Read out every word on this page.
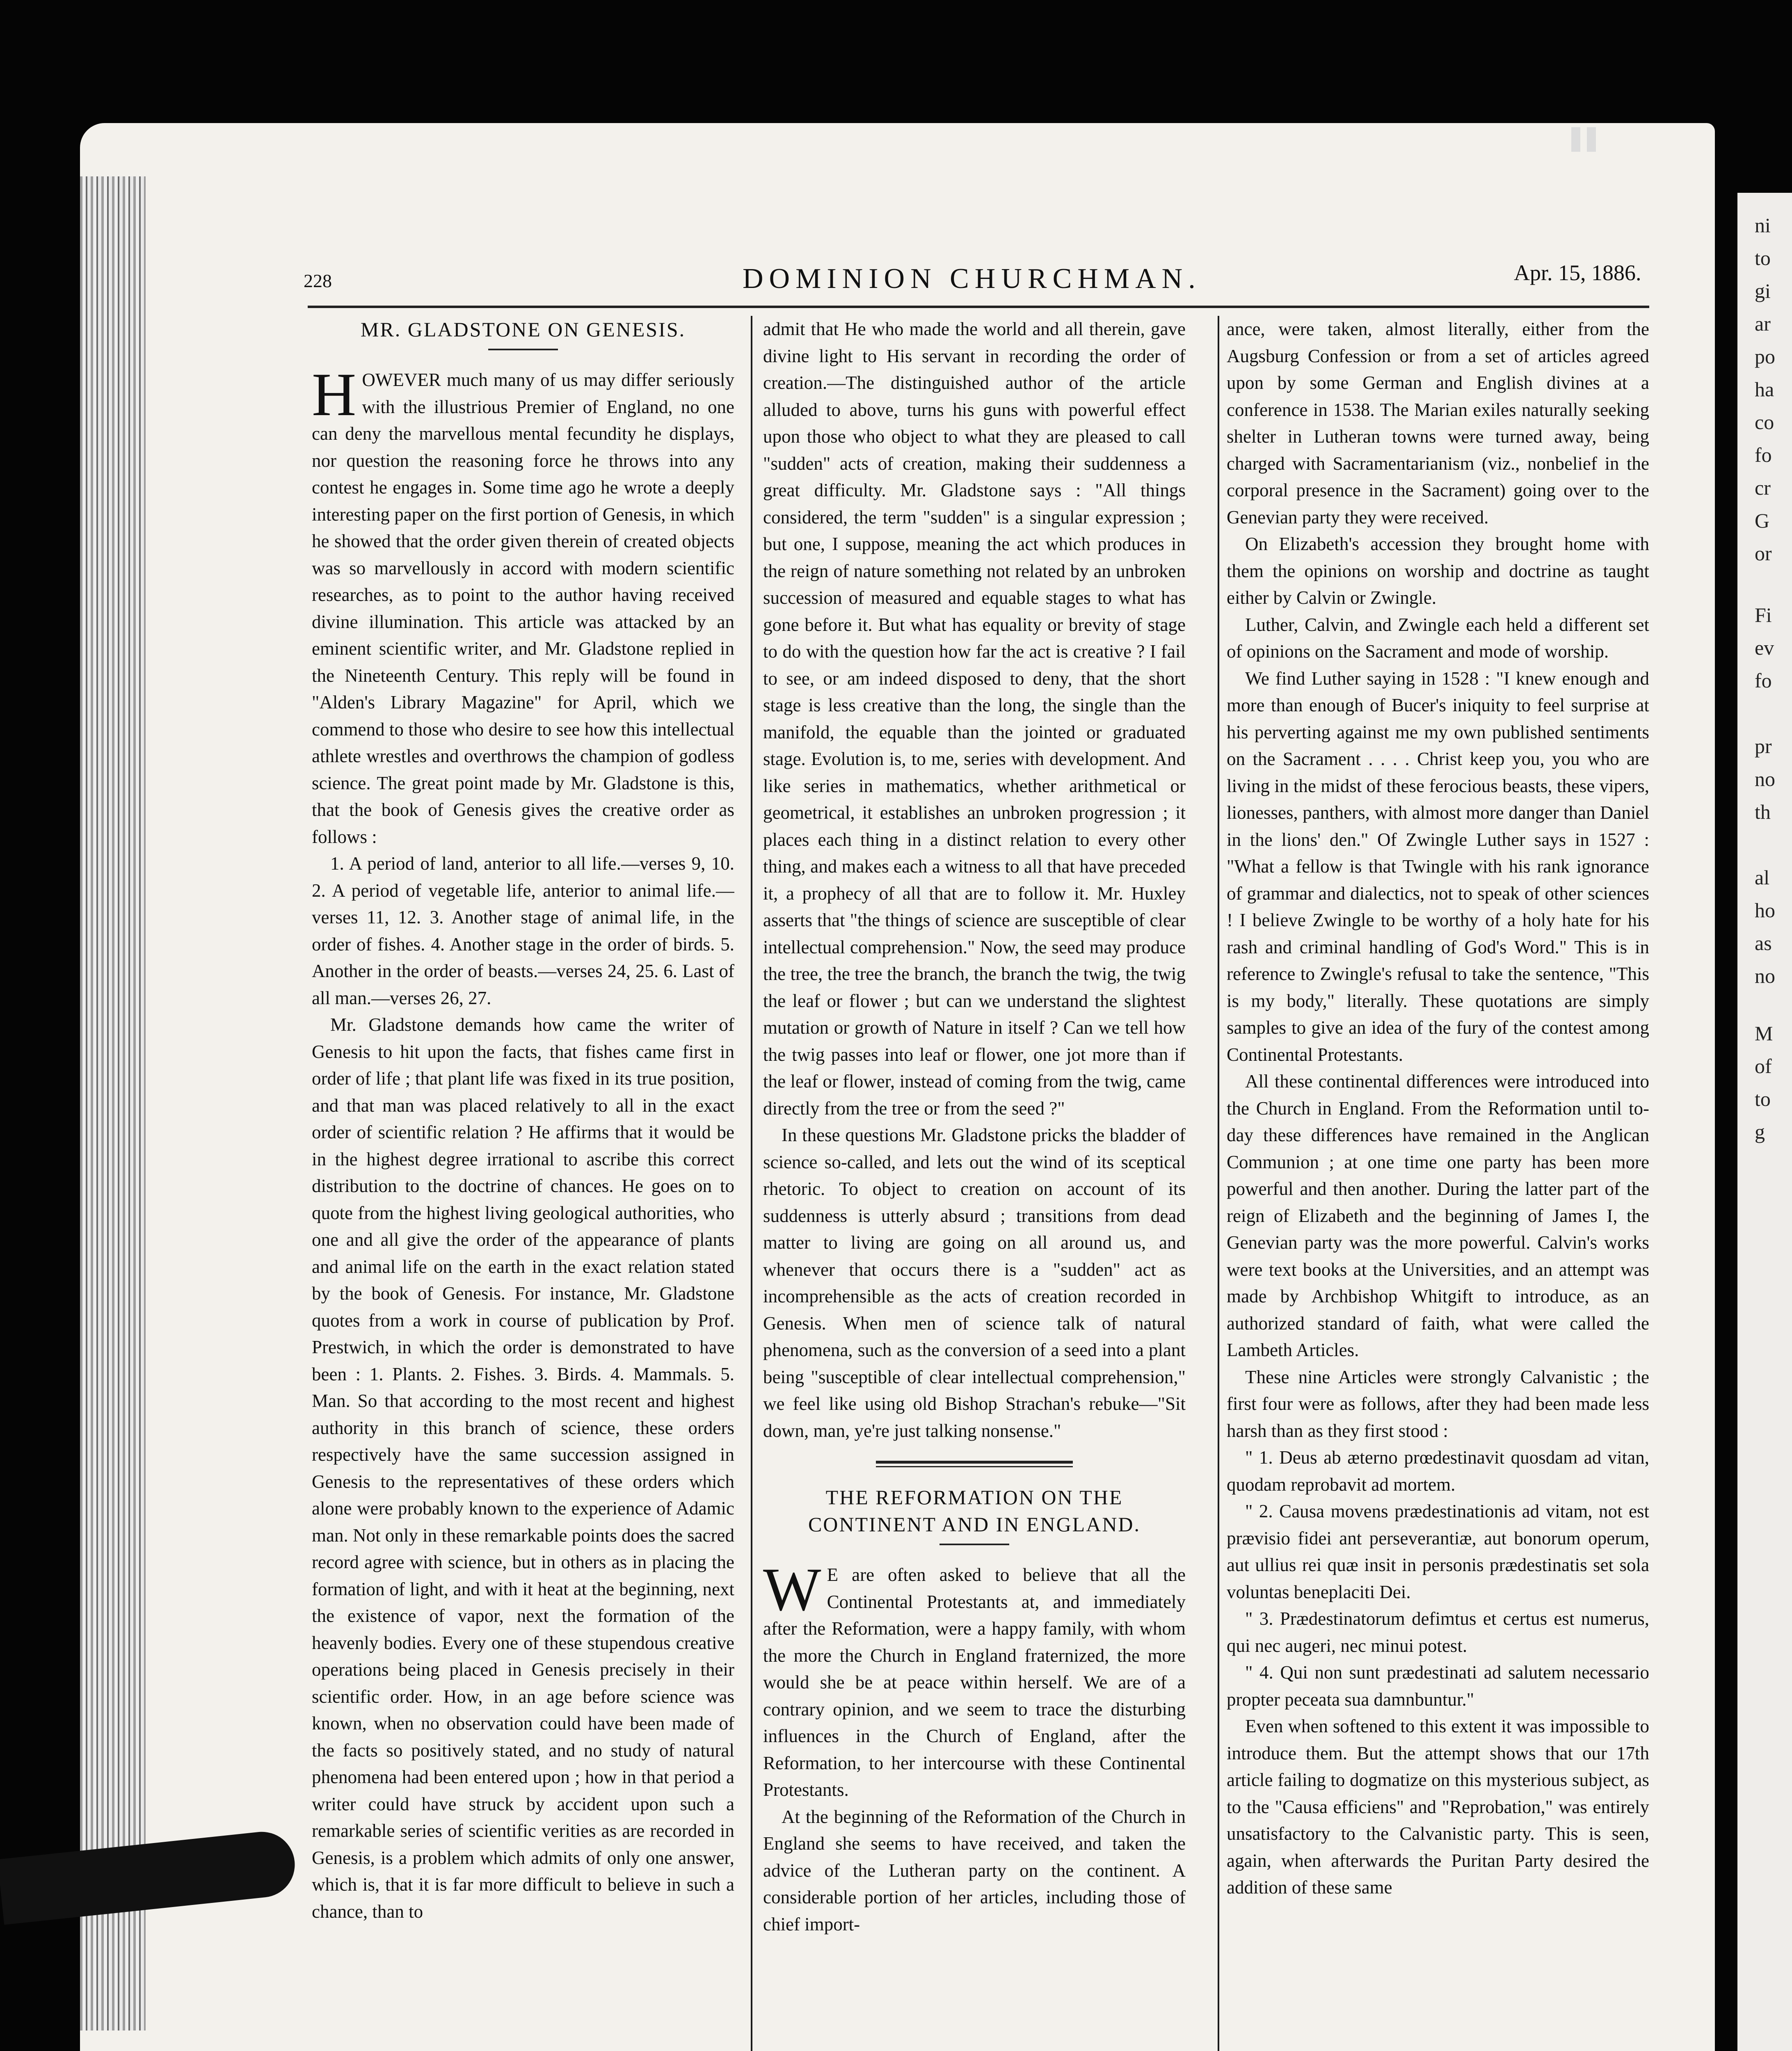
ni
to
gi
ar
po
ha
co
fo
cr
G
or
Fi
ev
fo
pr
no
th
al
ho
as
no
M
of
to
g
228	DOMINION CHURCHMAN.	Apr. 15, 1886.

MR. GLADSTONE ON GENESIS.

HOWEVER much many of us may differ seriously with the illustrious Premier of England, no one can deny the marvellous mental fecundity he displays, nor question the reasoning force he throws into any contest he engages in. Some time ago he wrote a deeply interesting paper on the first portion of Genesis, in which he showed that the order given therein of created objects was so marvellously in accord with modern scientific researches, as to point to the author having received divine illumination. This article was attacked by an eminent scientific writer, and Mr. Gladstone replied in the Nineteenth Century. This reply will be found in "Alden's Library Magazine" for April, which we commend to those who desire to see how this intellectual athlete wrestles and overthrows the champion of godless science. The great point made by Mr. Gladstone is this, that the book of Genesis gives the creative order as follows :

1. A period of land, anterior to all life.—verses 9, 10. 2. A period of vegetable life, anterior to animal life.—verses 11, 12. 3. Another stage of animal life, in the order of fishes. 4. Another stage in the order of birds. 5. Another in the order of beasts.—verses 24, 25. 6. Last of all man.—verses 26, 27.

Mr. Gladstone demands how came the writer of Genesis to hit upon the facts, that fishes came first in order of life ; that plant life was fixed in its true position, and that man was placed relatively to all in the exact order of scientific relation ? He affirms that it would be in the highest degree irrational to ascribe this correct distribution to the doctrine of chances. He goes on to quote from the highest living geological authorities, who one and all give the order of the appearance of plants and animal life on the earth in the exact relation stated by the book of Genesis. For instance, Mr. Gladstone quotes from a work in course of publication by Prof. Prestwich, in which the order is demonstrated to have been : 1. Plants. 2. Fishes. 3. Birds. 4. Mammals. 5. Man. So that according to the most recent and highest authority in this branch of science, these orders respectively have the same succession assigned in Genesis to the representatives of these orders which alone were probably known to the experience of Adamic man. Not only in these remarkable points does the sacred record agree with science, but in others as in placing the formation of light, and with it heat at the beginning, next the existence of vapor, next the formation of the heavenly bodies. Every one of these stupendous creative operations being placed in Genesis precisely in their scientific order. How, in an age before science was known, when no observation could have been made of the facts so positively stated, and no study of natural phenomena had been entered upon ; how in that period a writer could have struck by accident upon such a remarkable series of scientific verities as are recorded in Genesis, is a problem which admits of only one answer, which is, that it is far more difficult to believe in such a chance, than to

admit that He who made the world and all therein, gave divine light to His servant in recording the order of creation.—The distinguished author of the article alluded to above, turns his guns with powerful effect upon those who object to what they are pleased to call "sudden" acts of creation, making their suddenness a great difficulty. Mr. Gladstone says : "All things considered, the term "sudden" is a singular expression ; but one, I suppose, meaning the act which produces in the reign of nature something not related by an unbroken succession of measured and equable stages to what has gone before it. But what has equality or brevity of stage to do with the question how far the act is creative ? I fail to see, or am indeed disposed to deny, that the short stage is less creative than the long, the single than the manifold, the equable than the jointed or graduated stage. Evolution is, to me, series with development. And like series in mathematics, whether arithmetical or geometrical, it establishes an unbroken progression ; it places each thing in a distinct relation to every other thing, and makes each a witness to all that have preceded it, a prophecy of all that are to follow it. Mr. Huxley asserts that "the things of science are susceptible of clear intellectual comprehension." Now, the seed may produce the tree, the tree the branch, the branch the twig, the twig the leaf or flower ; but can we understand the slightest mutation or growth of Nature in itself ? Can we tell how the twig passes into leaf or flower, one jot more than if the leaf or flower, instead of coming from the twig, came directly from the tree or from the seed ?"

In these questions Mr. Gladstone pricks the bladder of science so-called, and lets out the wind of its sceptical rhetoric. To object to creation on account of its suddenness is utterly absurd ; transitions from dead matter to living are going on all around us, and whenever that occurs there is a "sudden" act as incomprehensible as the acts of creation recorded in Genesis. When men of science talk of natural phenomena, such as the conversion of a seed into a plant being "susceptible of clear intellectual comprehension," we feel like using old Bishop Strachan's rebuke—"Sit down, man, ye're just talking nonsense."

THE REFORMATION ON THE CONTINENT AND IN ENGLAND.

W E are often asked to believe that all the Continental Protestants at, and immediately after the Reformation, were a happy family, with whom the more the Church in England fraternized, the more would she be at peace within herself. We are of a contrary opinion, and we seem to trace the disturbing influences in the Church of England, after the Reformation, to her intercourse with these Continental Protestants.

At the beginning of the Reformation of the Church in England she seems to have received, and taken the advice of the Lutheran party on the continent. A considerable portion of her articles, including those of chief import-

ance, were taken, almost literally, either from the Augsburg Confession or from a set of articles agreed upon by some German and English divines at a conference in 1538. The Marian exiles naturally seeking shelter in Lutheran towns were turned away, being charged with Sacramentarianism (viz., nonbelief in the corporal presence in the Sacrament) going over to the Genevian party they were received.

On Elizabeth's accession they brought home with them the opinions on worship and doctrine as taught either by Calvin or Zwingle.

Luther, Calvin, and Zwingle each held a different set of opinions on the Sacrament and mode of worship.

We find Luther saying in 1528 : "I knew enough and more than enough of Bucer's iniquity to feel surprise at his perverting against me my own published sentiments on the Sacrament . . . . Christ keep you, you who are living in the midst of these ferocious beasts, these vipers, lionesses, panthers, with almost more danger than Daniel in the lions' den." Of Zwingle Luther says in 1527 : "What a fellow is that Twingle with his rank ignorance of grammar and dialectics, not to speak of other sciences ! I believe Zwingle to be worthy of a holy hate for his rash and criminal handling of God's Word." This is in reference to Zwingle's refusal to take the sentence, "This is my body," literally. These quotations are simply samples to give an idea of the fury of the contest among Continental Protestants.

All these continental differences were introduced into the Church in England. From the Reformation until to-day these differences have remained in the Anglican Communion ; at one time one party has been more powerful and then another. During the latter part of the reign of Elizabeth and the beginning of James I, the Genevian party was the more powerful. Calvin's works were text books at the Universities, and an attempt was made by Archbishop Whitgift to introduce, as an authorized standard of faith, what were called the Lambeth Articles.

These nine Articles were strongly Calvanistic ; the first four were as follows, after they had been made less harsh than as they first stood :

" 1. Deus ab æterno prœdestinavit quosdam ad vitan, quodam reprobavit ad mortem.

" 2. Causa movens prædestinationis ad vitam, not est prævisio fidei ant perseverantiæ, aut bonorum operum, aut ullius rei quæ insit in personis prædestinatis set sola voluntas beneplaciti Dei.

" 3. Prædestinatorum defimtus et certus est numerus, qui nec augeri, nec minui potest.

" 4. Qui non sunt prædestinati ad salutem necessario propter peceata sua damnbuntur."

Even when softened to this extent it was impossible to introduce them. But the attempt shows that our 17th article failing to dogmatize on this mysterious subject, as to the "Causa efficiens" and "Reprobation," was entirely unsatisfactory to the Calvanistic party. This is seen, again, when afterwards the Puritan Party desired the addition of these same
